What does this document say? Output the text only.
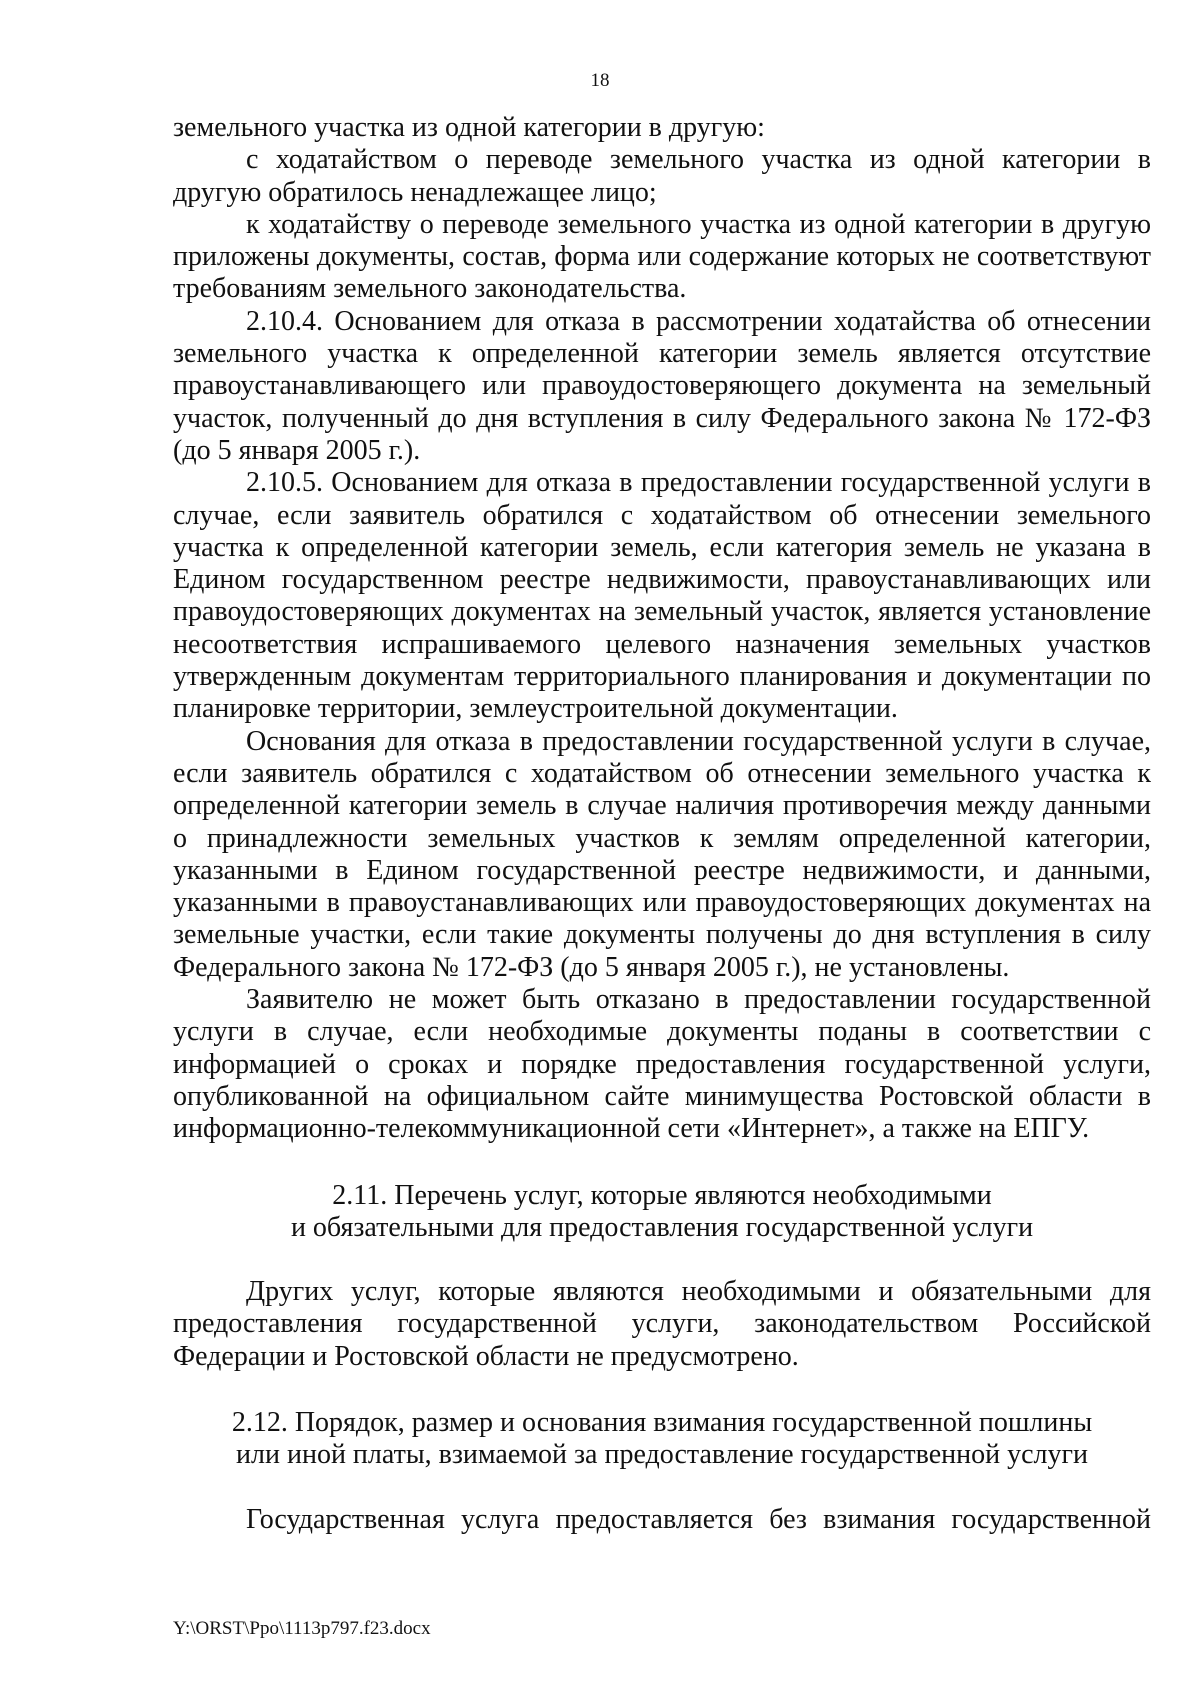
18

земельного участка из одной категории в другую:

с ходатайством о переводе земельного участка из одной категории в другую обратилось ненадлежащее лицо;

к ходатайству о переводе земельного участка из одной категории в другую приложены документы, состав, форма или содержание которых не соответствуют требованиям земельного законодательства.

2.10.4. Основанием для отказа в рассмотрении ходатайства об отнесении земельного участка к определенной категории земель является отсутствие правоустанавливающего или правоудостоверяющего документа на земельный участок, полученный до дня вступления в силу Федерального закона № 172-ФЗ (до 5 января 2005 г.).

2.10.5. Основанием для отказа в предоставлении государственной услуги в случае, если заявитель обратился с ходатайством об отнесении земельного участка к определенной категории земель, если категория земель не указана в Едином государственном реестре недвижимости, правоустанавливающих или правоудостоверяющих документах на земельный участок, является установление несоответствия испрашиваемого целевого назначения земельных участков утвержденным документам территориального планирования и документации по планировке территории, землеустроительной документации.

Основания для отказа в предоставлении государственной услуги в случае, если заявитель обратился с ходатайством об отнесении земельного участка к определенной категории земель в случае наличия противоречия между данными о принадлежности земельных участков к землям определенной категории, указанными в Едином государственной реестре недвижимости, и данными, указанными в правоустанавливающих или правоудостоверяющих документах на земельные участки, если такие документы получены до дня вступления в силу Федерального закона № 172-ФЗ (до 5 января 2005 г.), не установлены.

Заявителю не может быть отказано в предоставлении государственной услуги в случае, если необходимые документы поданы в соответствии с информацией о сроках и порядке предоставления государственной услуги, опубликованной на официальном сайте минимущества Ростовской области в информационно-телекоммуникационной сети «Интернет», а также на ЕПГУ.

2.11. Перечень услуг, которые являются необходимыми
и обязательными для предоставления государственной услуги

Других услуг, которые являются необходимыми и обязательными для предоставления государственной услуги, законодательством Российской Федерации и Ростовской области не предусмотрено.

2.12. Порядок, размер и основания взимания государственной пошлины
или иной платы, взимаемой за предоставление государственной услуги

Государственная услуга предоставляется без взимания государственной

Y:\ORST\Ppo\1113p797.f23.docx
